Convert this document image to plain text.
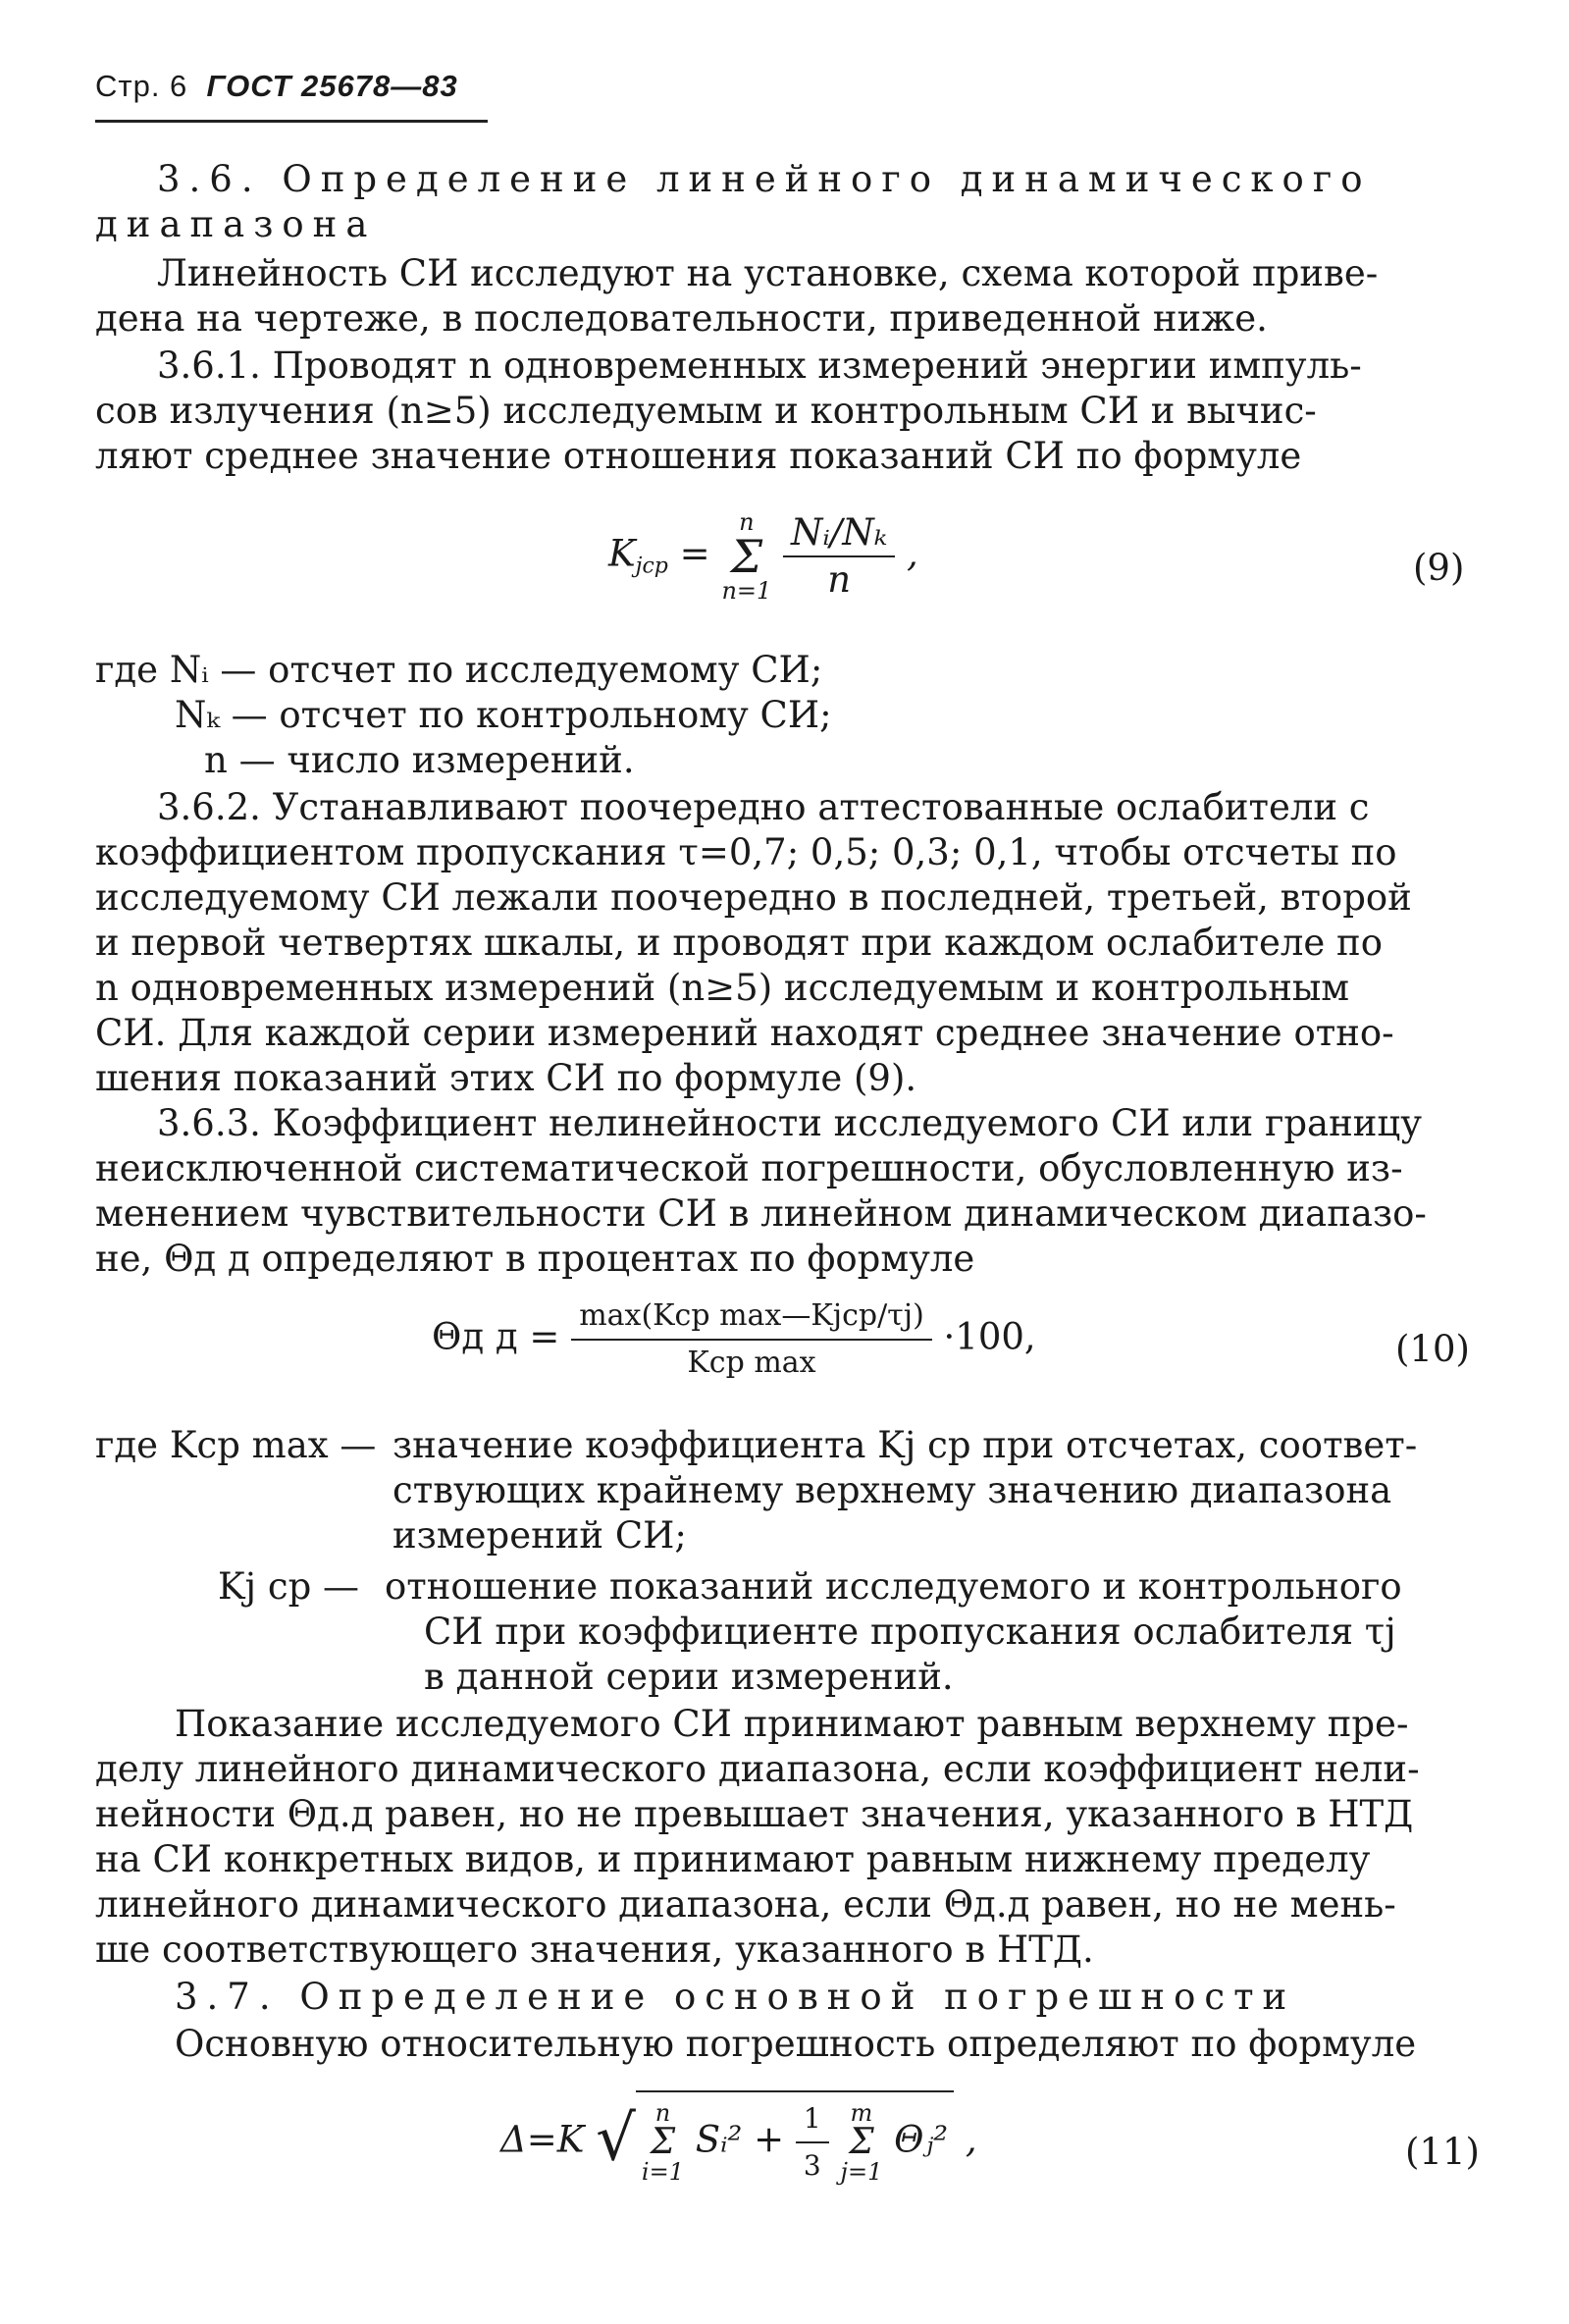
Стр. 6 ГОСТ 25678—83
3.6. Определение линейного динамического
диапазона
Линейность СИ исследуют на установке, схема которой приве-
дена на чертеже, в последовательности, приведенной ниже.
3.6.1. Проводят n одновременных измерений энергии импуль-
сов излучения (n≥5) исследуемым и контрольным СИ и вычис-
ляют среднее значение отношения показаний СИ по формуле
$K_{jср}$ =
n
Σ
n=1
$\frac{\text{Nᵢ/Nₖ}}{n}$ ,	(9)
где Nᵢ — отсчет по исследуемому СИ;
Nₖ — отсчет по контрольному СИ;
n — число измерений.
3.6.2. Устанавливают поочередно аттестованные ослабители с
коэффициентом пропускания τ=0,7; 0,5; 0,3; 0,1, чтобы отсчеты по
исследуемому СИ лежали поочередно в последней, третьей, второй
и первой четвертях шкалы, и проводят при каждом ослабителе по
n одновременных измерений (n≥5) исследуемым и контрольным
СИ. Для каждой серии измерений находят среднее значение отно-
шения показаний этих СИ по формуле (9).
3.6.3. Коэффициент нелинейности исследуемого СИ или границу
неисключенной систематической погрешности, обусловленную из-
менением чувствительности СИ в линейном динамическом диапазо-
не, Θд д определяют в процентах по формуле
Θд $д = \frac{\text{max(Kср max—Kjср/τj)}}{\text{Kср max}} \cdot 100$,	(10)
где Kср max — значение коэффициента Kj ср при отсчетах, соответ-
ствующих крайнему верхнему значению диапазона
измерений СИ;
Kj ср — отношение показаний исследуемого и контрольного
СИ при коэффициенте пропускания ослабителя τj
в данной серии измерений.
Показание исследуемого СИ принимают равным верхнему пре-
делу линейного динамического диапазона, если коэффициент нели-
нейности Θд.д равен, но не превышает значения, указанного в НТД
на СИ конкретных видов, и принимают равным нижнему пределу
линейного динамического диапазона, если Θд.д равен, но не мень-
ше соответствующего значения, указанного в НТД.
3.7. Определение основной погрешности
Основную относительную погрешность определяют по формуле
Δ=K √ n
Σ
i=1
Sᵢ² + $\frac{1}{3}$
m
Σ
j=1
Θⱼ² ,	(11)
